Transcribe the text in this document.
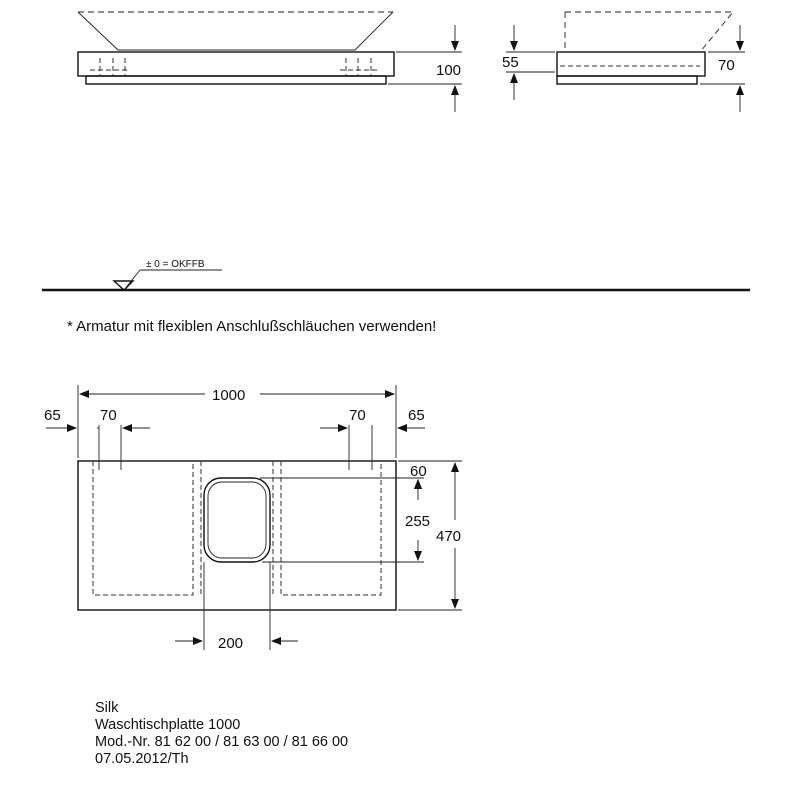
100	55	70
± 0 = OKFFB
* Armatur mit flexiblen Anschlußschläuchen verwenden!
1000
65	70	70	65
60
255
470
200
Silk
Waschtischplatte 1000
Mod.-Nr. 81 62 00 / 81 63 00 / 81 66 00
07.05.2012/Th
